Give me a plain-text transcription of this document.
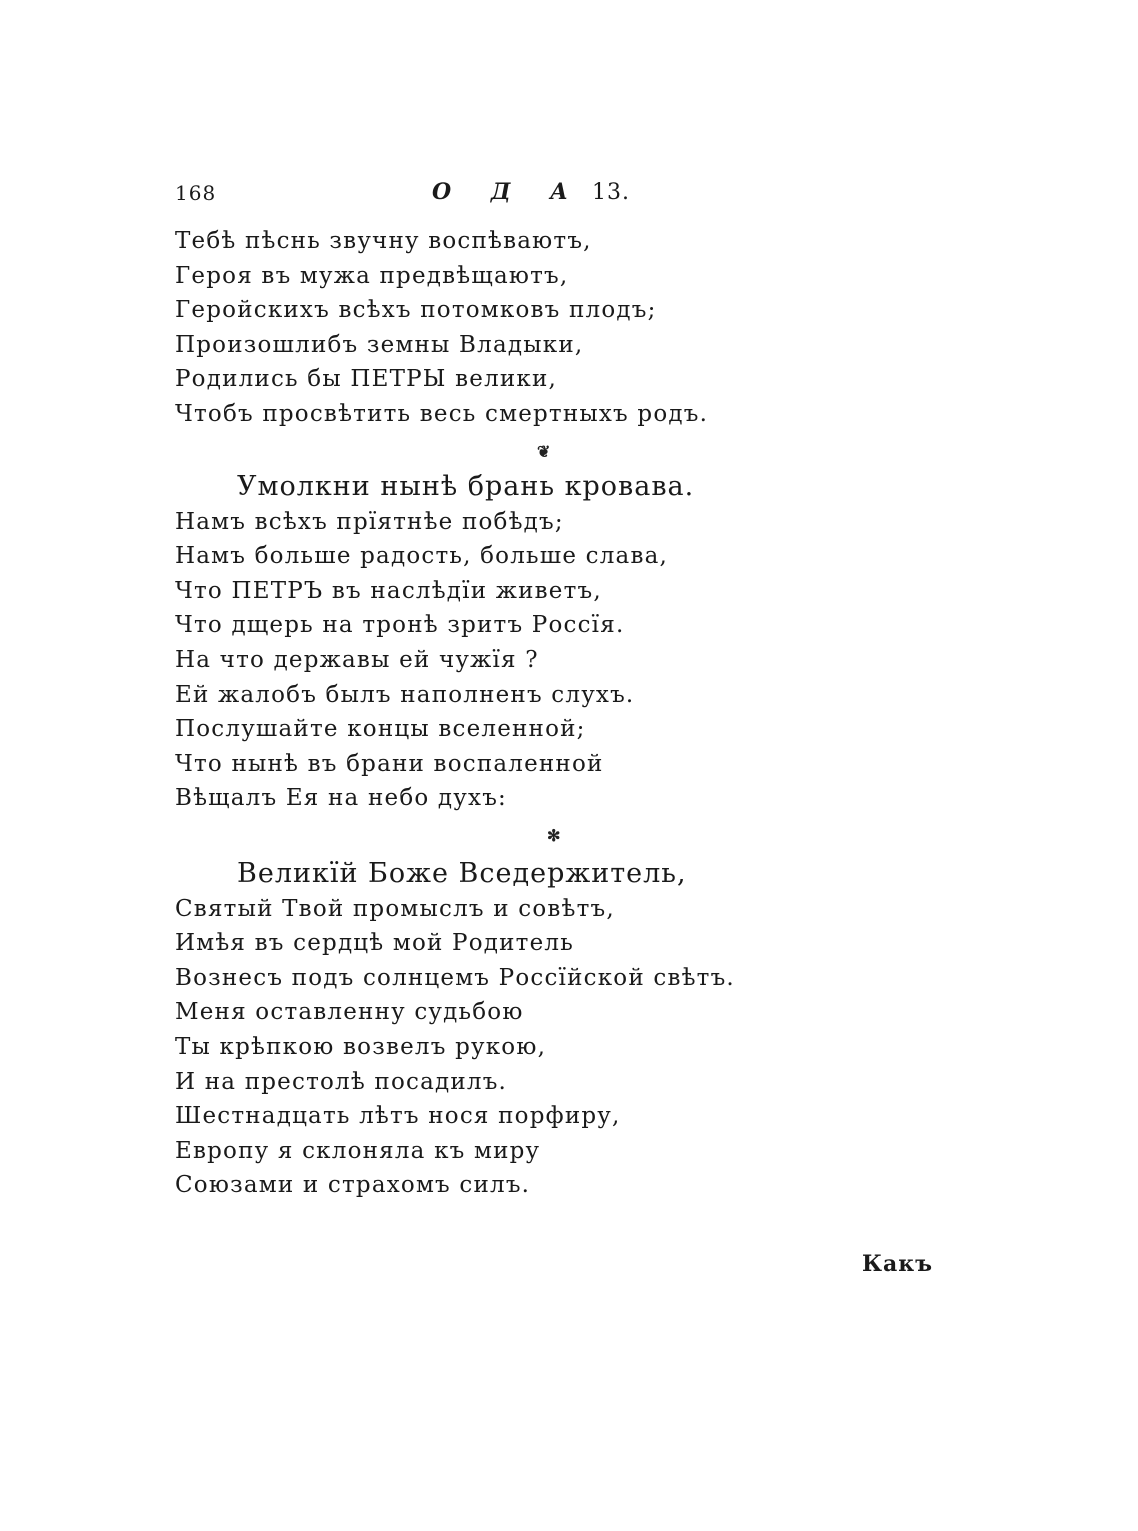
168	О Д А 13.
Тебѣ пѣснь звучну воспѣваютъ,
Героя въ мужа предвѣщаютъ,
Геройскихъ всѣхъ потомковъ плодъ;
Произошлибъ земны Владыки,
Родились бы ПЕТРЫ велики,
Чтобъ просвѣтить весь смертныхъ родъ.
❦
Умолкни нынѣ брань кровава.
Намъ всѣхъ прїятнѣе побѣдъ;
Намъ больше радость, больше слава,
Что ПЕТРЪ въ наслѣдїи живетъ,
Что дщерь на тронѣ зритъ Россїя.
На что державы ей чужїя ?
Ей жалобъ былъ наполненъ слухъ.
Послушайте концы вселенной;
Что нынѣ въ брани воспаленной
Вѣщалъ Ея на небо духъ:
✻
Великїй Боже Вседержитель,
Святый Твой промыслъ и совѣтъ,
Имѣя въ сердцѣ мой Родитель
Вознесъ подъ солнцемъ Россїйской свѣтъ.
Меня оставленну судьбою
Ты крѣпкою возвелъ рукою,
И на престолѣ посадилъ.
Шестнадцать лѣтъ нося порфиру,
Европу я склоняла къ миру
Союзами и страхомъ силъ.
Какъ
